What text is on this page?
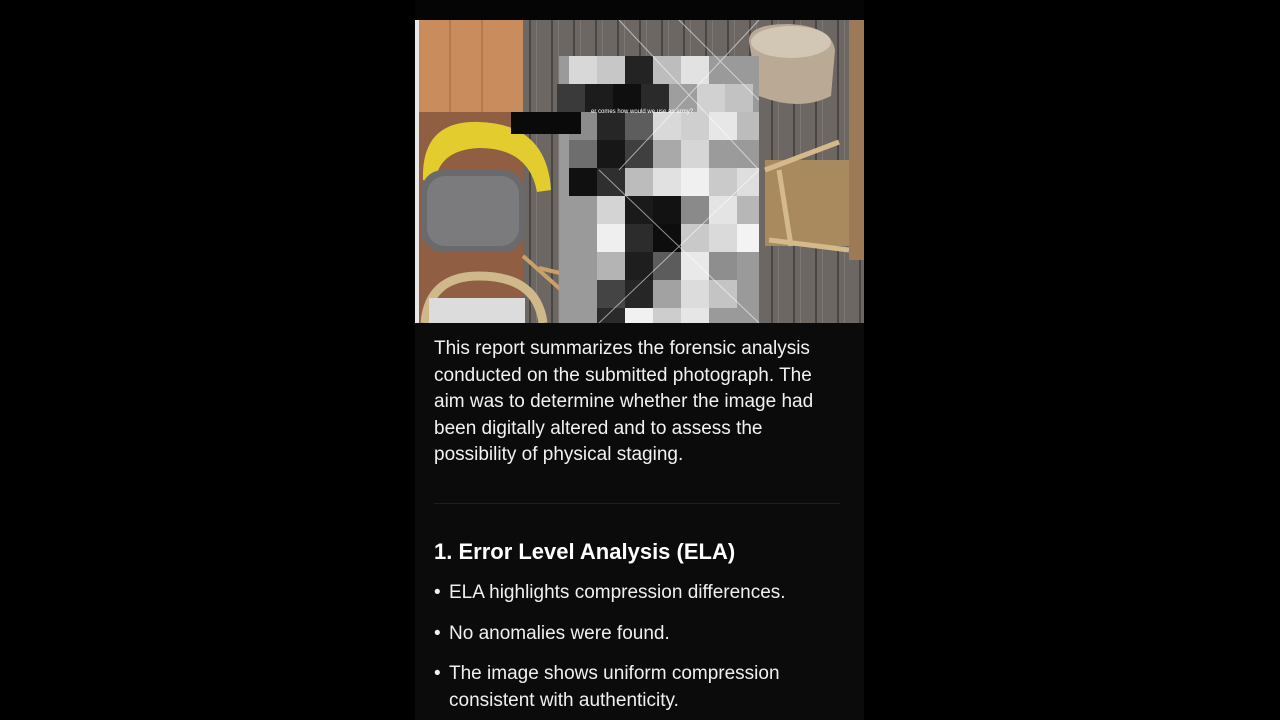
er comes how would we use an army?

This report summarizes the forensic analysis conducted on the submitted photograph. The aim was to determine whether the image had been digitally altered and to assess the possibility of physical staging.

1. Error Level Analysis (ELA)
• ELA highlights compression differences.
• No anomalies were found.
• The image shows uniform compression consistent with authenticity.
